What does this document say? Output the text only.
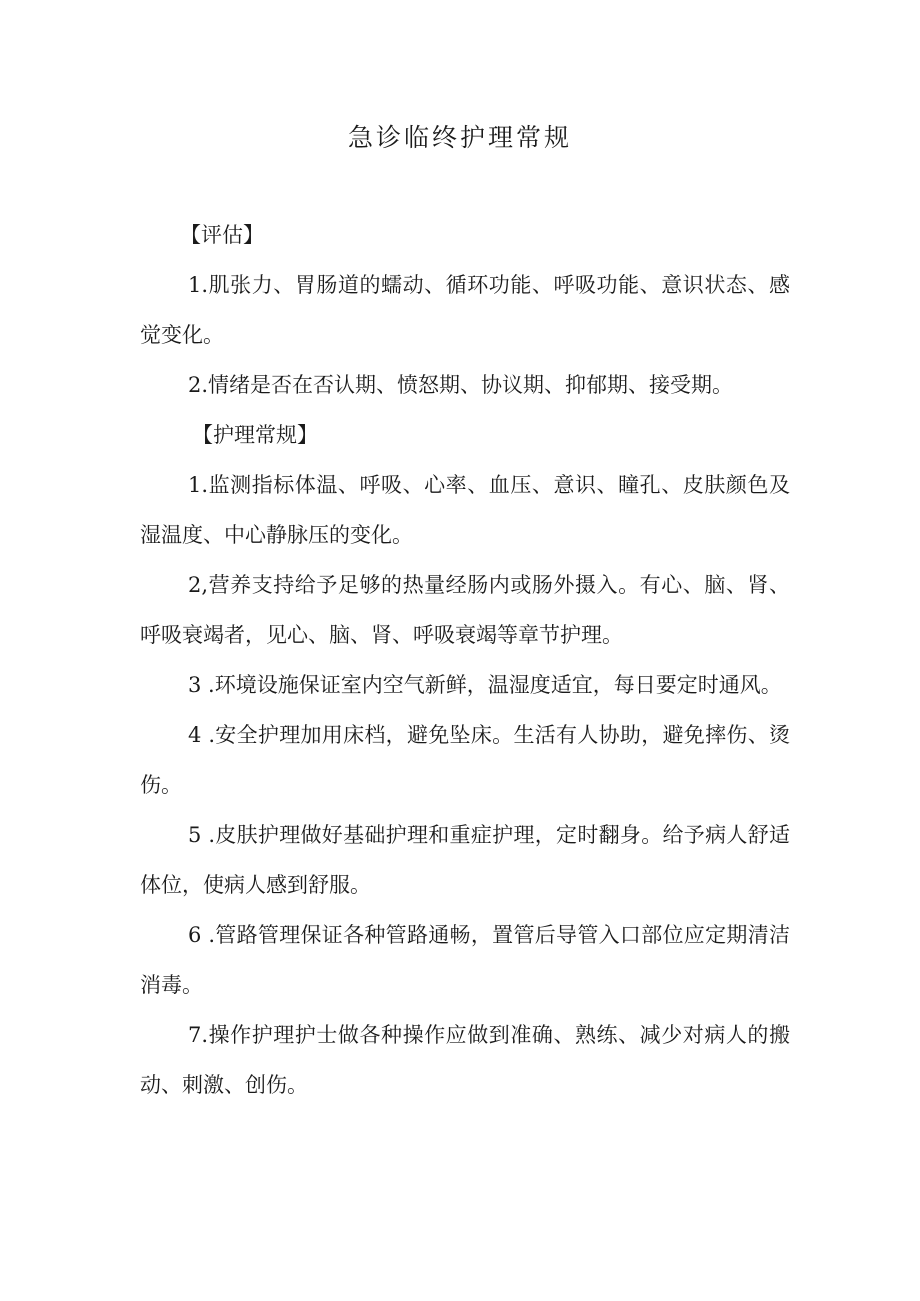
急诊临终护理常规

【评估】

1.肌张力、胃肠道的蠕动、循环功能、呼吸功能、意识状态、感觉变化。

2.情绪是否在否认期、愤怒期、协议期、抑郁期、接受期。

【护理常规】

1.监测指标体温、呼吸、心率、血压、意识、瞳孔、皮肤颜色及湿温度、中心静脉压的变化。

2,营养支持给予足够的热量经肠内或肠外摄入。有心、脑、肾、呼吸衰竭者，见心、脑、肾、呼吸衰竭等章节护理。

3 .环境设施保证室内空气新鲜，温湿度适宜，每日要定时通风。

4 .安全护理加用床档，避免坠床。生活有人协助，避免摔伤、烫伤。

5 .皮肤护理做好基础护理和重症护理，定时翻身。给予病人舒适体位，使病人感到舒服。

6 .管路管理保证各种管路通畅，置管后导管入口部位应定期清洁消毒。

7.操作护理护士做各种操作应做到准确、熟练、减少对病人的搬动、刺激、创伤。
